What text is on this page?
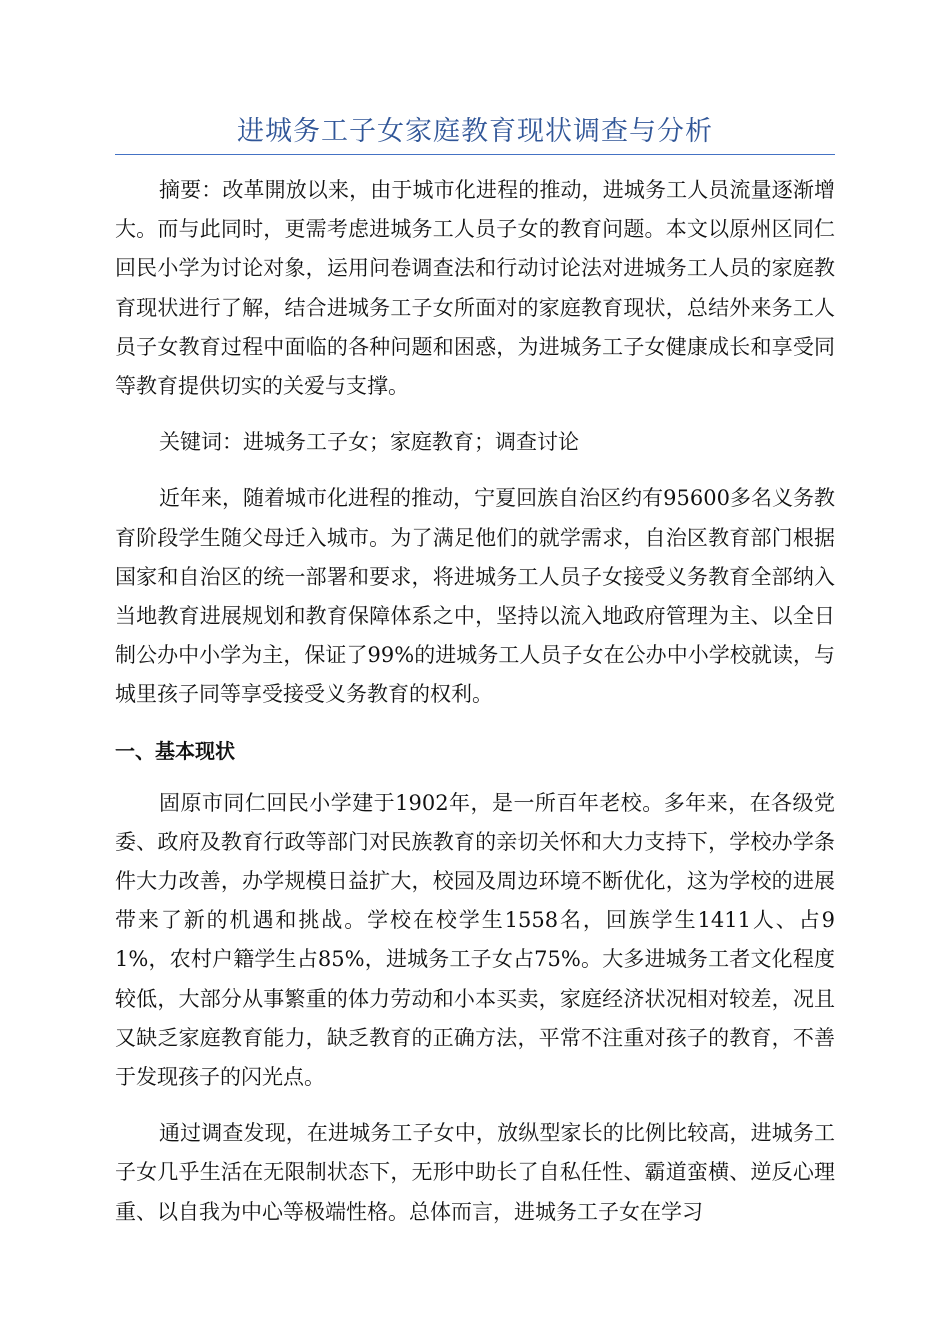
进城务工子女家庭教育现状调查与分析

摘要：改革開放以来，由于城市化进程的推动，进城务工人员流量逐渐增大。而与此同时，更需考虑进城务工人员子女的教育问题。本文以原州区同仁回民小学为讨论对象，运用问卷调查法和行动讨论法对进城务工人员的家庭教育现状进行了解，结合进城务工子女所面对的家庭教育现状，总结外来务工人员子女教育过程中面临的各种问题和困惑，为进城务工子女健康成长和享受同等教育提供切实的关爱与支撑。

关键词：进城务工子女；家庭教育；调查讨论

近年来，随着城市化进程的推动，宁夏回族自治区约有95600多名义务教育阶段学生随父母迁入城市。为了满足他们的就学需求，自治区教育部门根据国家和自治区的统一部署和要求，将进城务工人员子女接受义务教育全部纳入当地教育进展规划和教育保障体系之中，坚持以流入地政府管理为主、以全日制公办中小学为主，保证了99%的进城务工人员子女在公办中小学校就读，与城里孩子同等享受接受义务教育的权利。

一、基本现状

固原市同仁回民小学建于1902年，是一所百年老校。多年来，在各级党委、政府及教育行政等部门对民族教育的亲切关怀和大力支持下，学校办学条件大力改善，办学规模日益扩大，校园及周边环境不断优化，这为学校的进展带来了新的机遇和挑战。学校在校学生1558名，回族学生1411人、占91%，农村户籍学生占85%，进城务工子女占75%。大多进城务工者文化程度较低，大部分从事繁重的体力劳动和小本买卖，家庭经济状况相对较差，况且又缺乏家庭教育能力，缺乏教育的正确方法，平常不注重对孩子的教育，不善于发现孩子的闪光点。

通过调查发现，在进城务工子女中，放纵型家长的比例比较高，进城务工子女几乎生活在无限制状态下，无形中助长了自私任性、霸道蛮横、逆反心理重、以自我为中心等极端性格。总体而言，进城务工子女在学习
